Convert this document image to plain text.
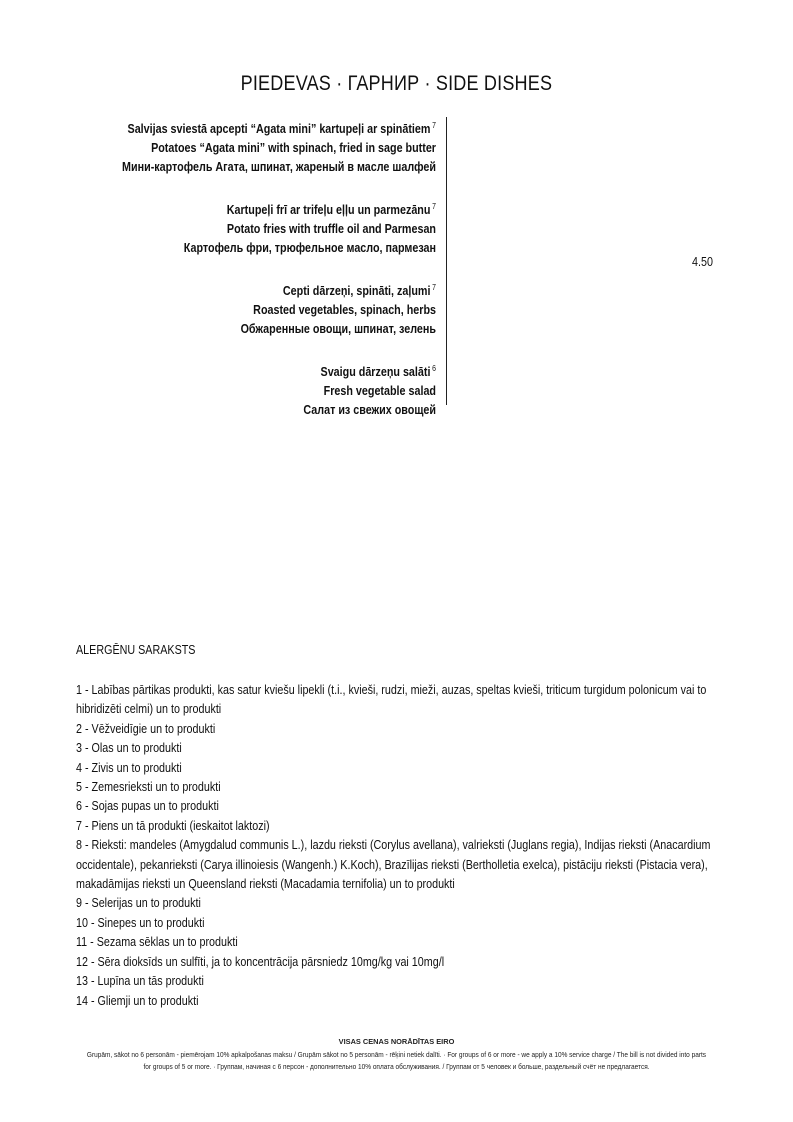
PIEDEVAS · ГАРНИР · SIDE DISHES
Salvijas sviestā apcepti “Agata mini” kartupeļi ar spinātiem $^7$
Potatoes “Agata mini” with spinach, fried in sage butter
Мини-картофель Агата, шпинат, жареный в масле шалфей
Kartupeļi frī ar trifeļu eļļu un parmezānu $^7$
Potato fries with truffle oil and Parmesan
Картофель фри, трюфельное масло, пармезан
Cepti dārzeņi, spināti, zaļumi $^7$
Roasted vegetables, spinach, herbs
Обжаренные овощи, шпинат, зелень
Svaigu dārzeņu salāti $^6$
Fresh vegetable salad
Салат из свежих овощей
4.50
ALERGĒNU SARAKSTS
1 - Labības pārtikas produkti, kas satur kviešu lipekli (t.i., kvieši, rudzi, mieži, auzas, speltas kvieši, triticum turgidum polonicum vai to hibridizēti celmi) un to produkti
2 - Vēžveidīgie un to produkti
3 - Olas un to produkti
4 - Zivis un to produkti
5 - Zemesrieksti un to produkti
6 - Sojas pupas un to produkti
7 - Piens un tā produkti (ieskaitot laktozi)
8 - Rieksti: mandeles (Amygdalud communis L.), lazdu rieksti (Corylus avellana), valrieksti (Juglans regia), Indijas rieksti (Anacardium occidentale), pekanrieksti (Carya illinoiesis (Wangenh.) K.Koch), Brazīlijas rieksti (Bertholletia exelca), pistāciju rieksti (Pistacia vera), makadāmijas rieksti un Queensland rieksti (Macadamia ternifolia) un to produkti
9 - Selerijas un to produkti
10 - Sinepes un to produkti
11 - Sezama sēklas un to produkti
12 - Sēra dioksīds un sulfīti, ja to koncentrācija pārsniedz 10mg/kg vai 10mg/l
13 - Lupīna un tās produkti
14 - Gliemji un to produkti
VISAS CENAS NORĀDĪTAS EIRO
Grupām, sākot no 6 personām - piemērojam 10% apkalpošanas maksu / Grupām sākot no 5 personām - rēķini netiek dalīti. · For groups of 6 or more - we apply a 10% service charge / The bill is not divided into parts for groups of 5 or more. · Группам, начиная с 6 персон - дополнительно 10% оплата обслуживания. / Группам от 5 человек и больше, раздельный счёт не предлагается.
